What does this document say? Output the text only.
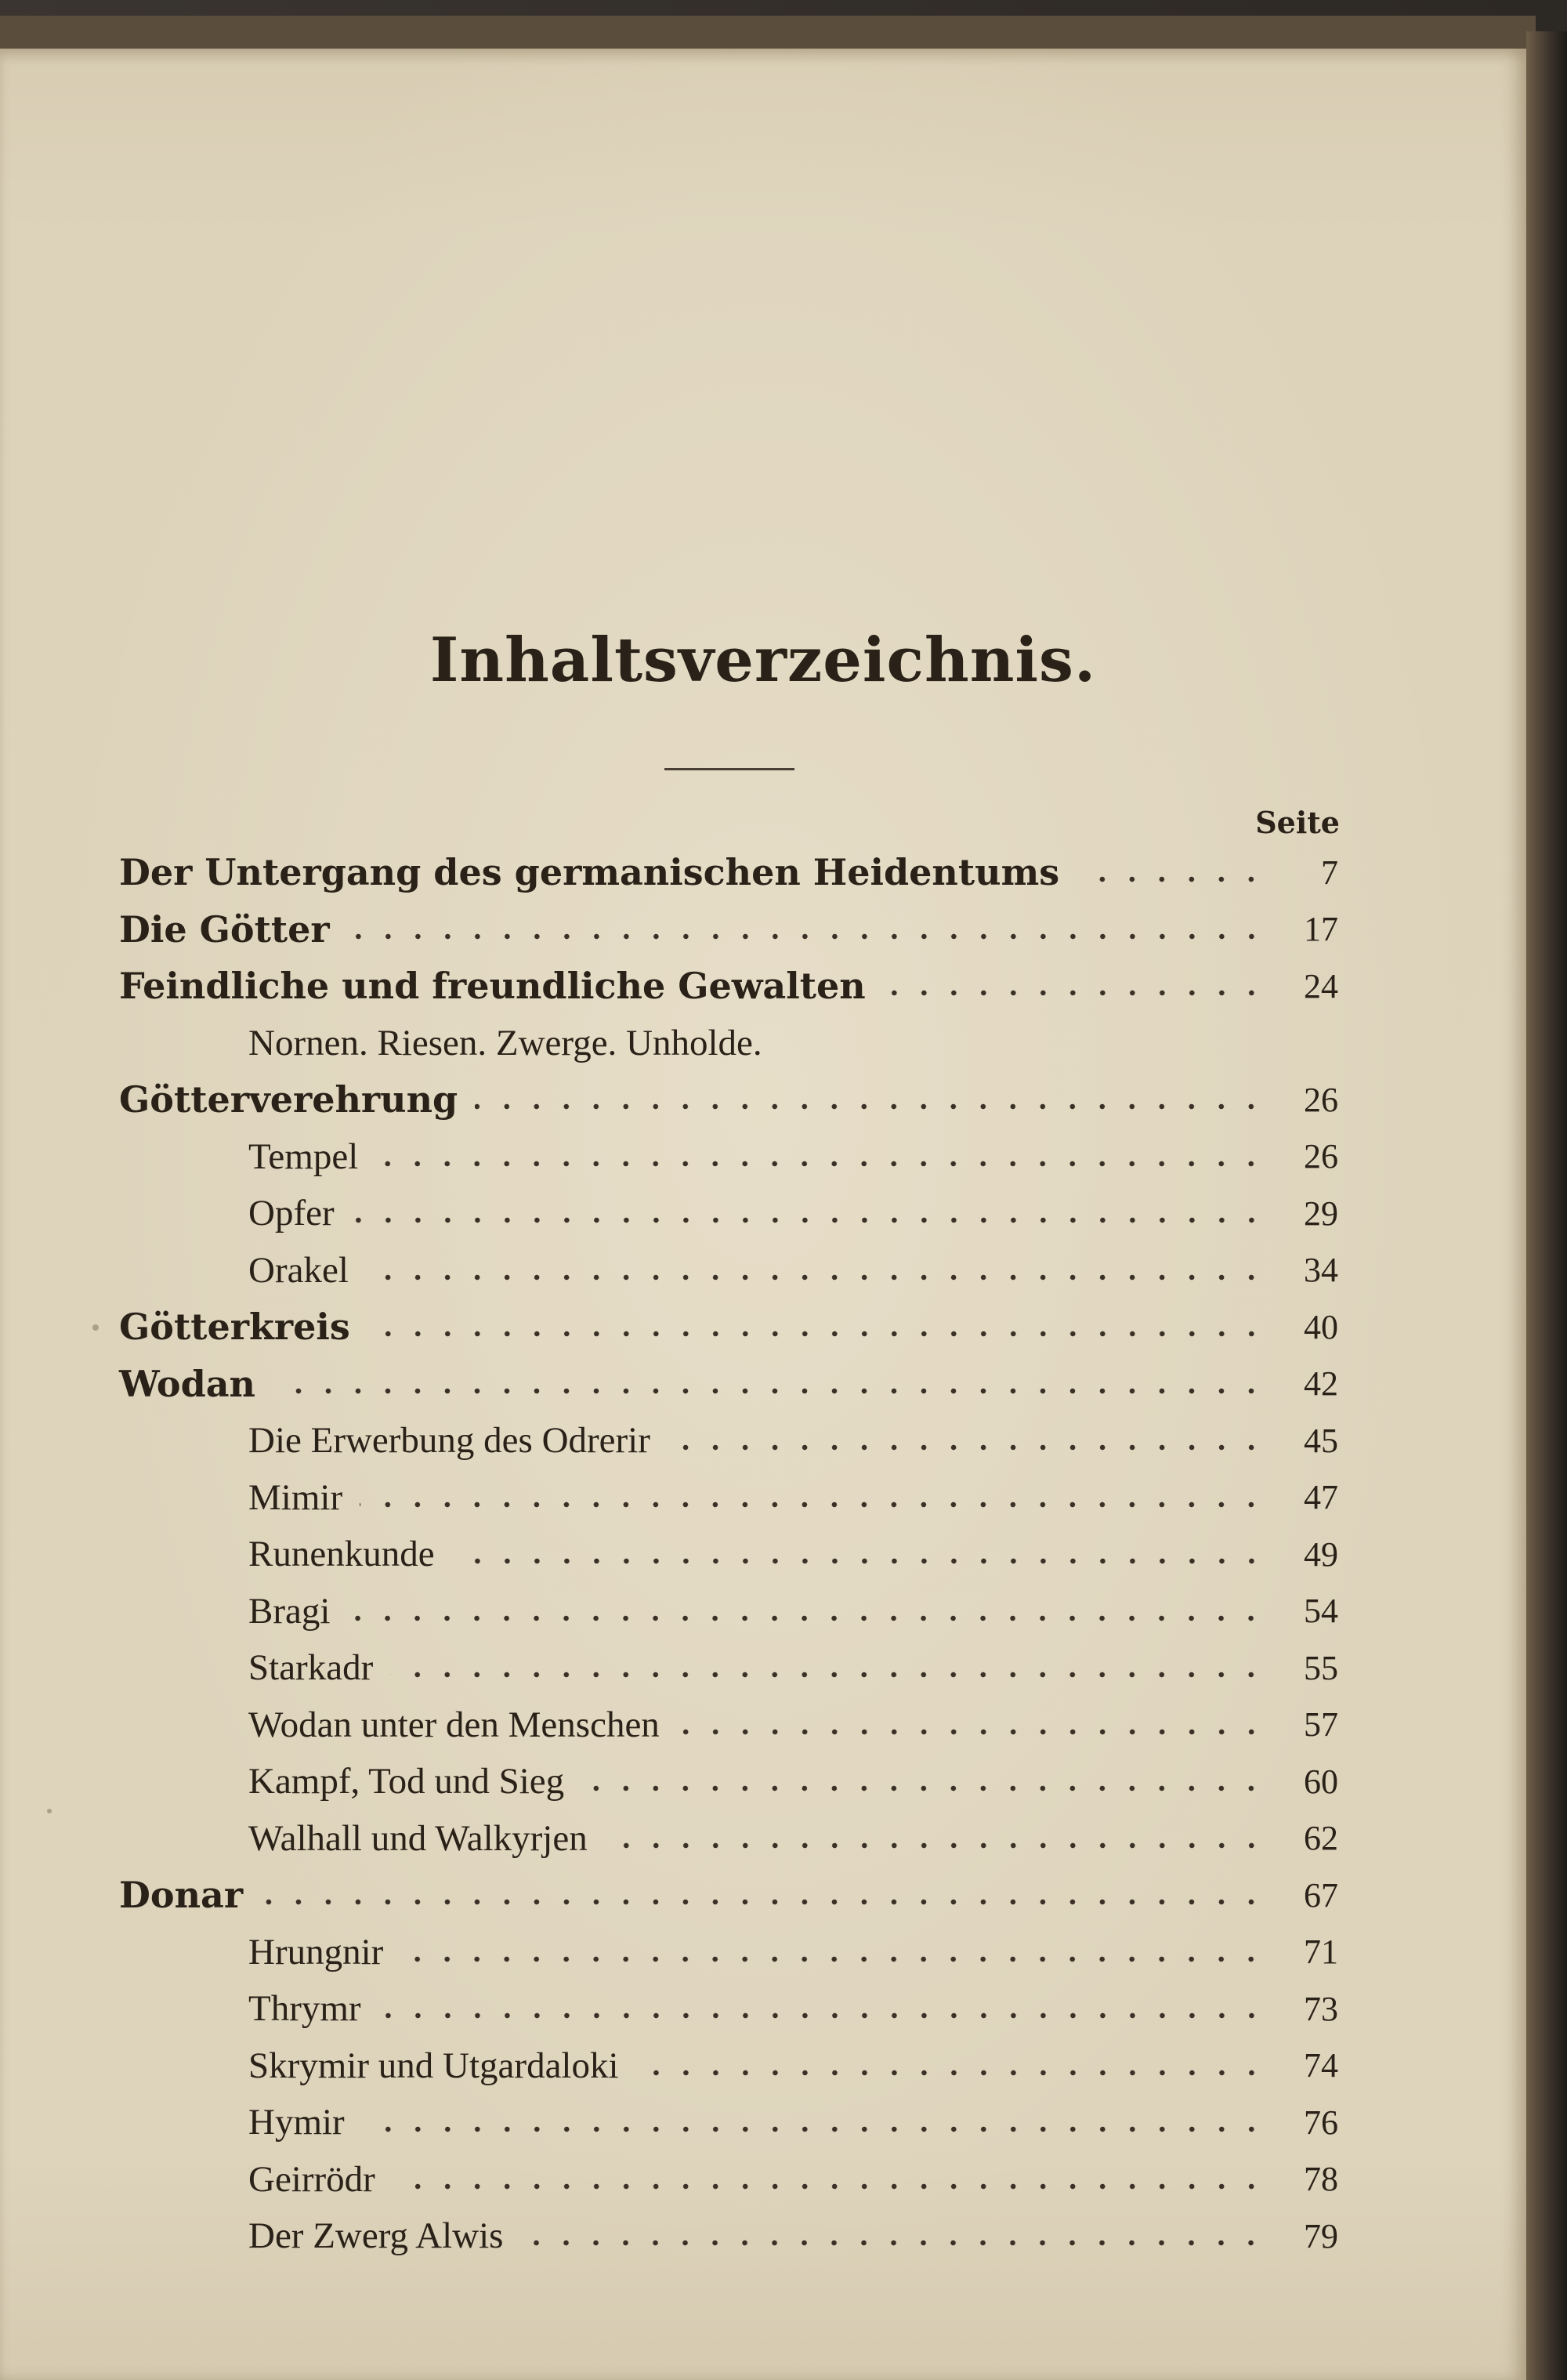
Inhaltsverzeichnis.
Seite
Der Untergang des germanischen Heidentums	7
Die Götter	17
Feindliche und freundliche Gewalten	24
Nornen. Riesen. Zwerge. Unholde.
Götterverehrung	26
Tempel	26
Opfer	29
Orakel	34
Götterkreis	40
Wodan	42
Die Erwerbung des Odrerir	45
Mimir	47
Runenkunde	49
Bragi	54
Starkadr	55
Wodan unter den Menschen	57
Kampf, Tod und Sieg	60
Walhall und Walkyrjen	62
Donar	67
Hrungnir	71
Thrymr	73
Skrymir und Utgardaloki	74
Hymir	76
Geirrödr	78
Der Zwerg Alwis	79
